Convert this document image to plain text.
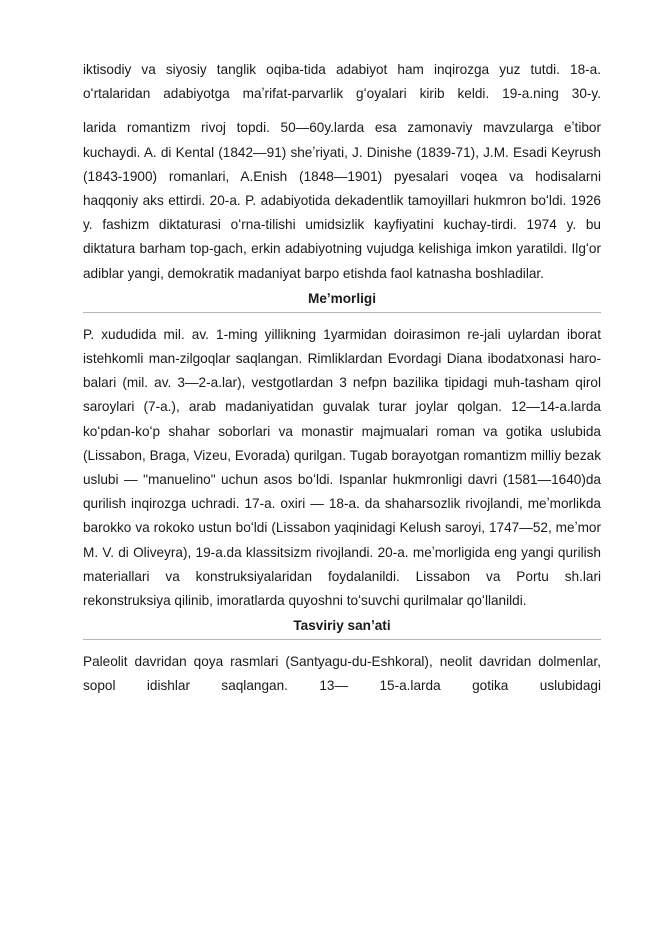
iktisodiy va siyosiy tanglik oqiba-tida adabiyot ham inqirozga yuz tutdi. 18-a. oʻrtalaridan adabiyotga maʼrifat-parvarlik gʻoyalari kirib keldi. 19-a.ning 30-y.

larida romantizm rivoj topdi. 50—60y.larda esa zamonaviy mavzularga eʼtibor kuchaydi. A. di Kental (1842—91) sheʼriyati, J. Dinishe (1839-71), J.M. Esadi Keyrush (1843-1900) romanlari, A.Enish (1848—1901) pyesalari voqea va hodisalarni haqqoniy aks ettirdi. 20-a. P. adabiyotida dekadentlik tamoyillari hukmron boʻldi. 1926 y. fashizm diktaturasi oʻrna-tilishi umidsizlik kayfiyatini kuchay-tirdi. 1974 y. bu diktatura barham top-gach, erkin adabiyotning vujudga kelishiga imkon yaratildi. Ilgʻor adiblar yangi, demokratik madaniyat barpo etishda faol katnasha boshladilar.

Meʼmorligi

P. xududida mil. av. 1-ming yillikning 1yarmidan doirasimon re-jali uylardan iborat istehkomli man-zilgoqlar saqlangan. Rimliklardan Evordagi Diana ibodatxonasi haro-balari (mil. av. 3—2-a.lar), vestgotlardan 3 nefpn bazilika tipidagi muh-tasham qirol saroylari (7-a.), arab madaniyatidan guvalak turar joylar qolgan. 12—14-a.larda koʻpdan-koʻp shahar soborlari va monastir majmualari roman va gotika uslubida (Lissabon, Braga, Vizeu, Evorada) qurilgan. Tugab borayotgan romantizm milliy bezak uslubi — "manuelino" uchun asos boʻldi. Ispanlar hukmronligi davri (1581—1640)da qurilish inqirozga uchradi. 17-a. oxiri — 18-a. da shaharsozlik rivojlandi, meʼmorlikda barokko va rokoko ustun boʻldi (Lissabon yaqinidagi Kelush saroyi, 1747—52, meʼmor M. V. di Oliveyra), 19-a.da klassitsizm rivojlandi. 20-a. meʼmorligida eng yangi qurilish materiallari va konstruksiyalaridan foydalanildi. Lissabon va Portu sh.lari rekonstruksiya qilinib, imoratlarda quyoshni toʻsuvchi qurilmalar qoʻllanildi.

Tasviriy sanʼati

Paleolit davridan qoya rasmlari (Santyagu-du-Eshkoral), neolit davridan dolmenlar, sopol idishlar saqlangan. 13— 15-a.larda gotika uslubidagi
